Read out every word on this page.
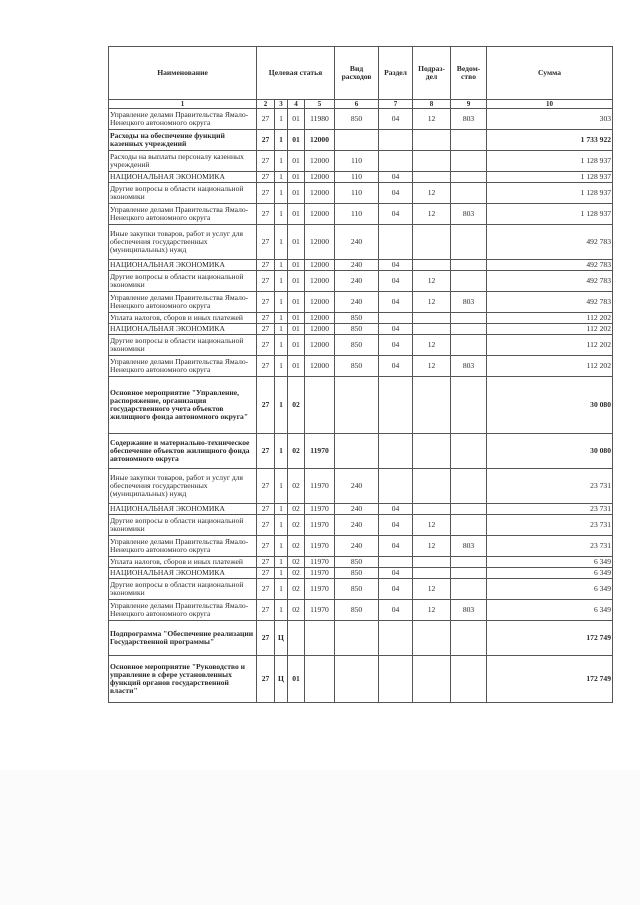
Наименование	Целевая статья				Вид расходов	Раздел	Подраз-дел	Ведом-ство	Сумма
1	2	3	4	5	6	7	8	9	10
Управление делами Правительства Ямало-Ненецкого автономного округа	27	1	01	11980	850	04	12	803	303
Расходы на обеспечение функций казенных учреждений	27	1	01	12000					1 733 922
Расходы на выплаты персоналу казенных учреждений	27	1	01	12000	110				1 128 937
НАЦИОНАЛЬНАЯ ЭКОНОМИКА	27	1	01	12000	110	04			1 128 937
Другие вопросы в области национальной экономики	27	1	01	12000	110	04	12		1 128 937
Управление делами Правительства Ямало-Ненецкого автономного округа	27	1	01	12000	110	04	12	803	1 128 937
Иные закупки товаров, работ и услуг для обеспечения государственных (муниципальных) нужд	27	1	01	12000	240				492 783
НАЦИОНАЛЬНАЯ ЭКОНОМИКА	27	1	01	12000	240	04			492 783
Другие вопросы в области национальной экономики	27	1	01	12000	240	04	12		492 783
Управление делами Правительства Ямало-Ненецкого автономного округа	27	1	01	12000	240	04	12	803	492 783
Уплата налогов, сборов и иных платежей	27	1	01	12000	850				112 202
НАЦИОНАЛЬНАЯ ЭКОНОМИКА	27	1	01	12000	850	04			112 202
Другие вопросы в области национальной экономики	27	1	01	12000	850	04	12		112 202
Управление делами Правительства Ямало-Ненецкого автономного округа	27	1	01	12000	850	04	12	803	112 202
Основное мероприятие "Управление, распоряжение, организация государственного учета объектов жилищного фонда автономного округа"	27	1	02						30 080
Содержание и материально-техническое обеспечение объектов жилищного фонда автономного округа	27	1	02	11970					30 080
Иные закупки товаров, работ и услуг для обеспечения государственных (муниципальных) нужд	27	1	02	11970	240				23 731
НАЦИОНАЛЬНАЯ ЭКОНОМИКА	27	1	02	11970	240	04			23 731
Другие вопросы в области национальной экономики	27	1	02	11970	240	04	12		23 731
Управление делами Правительства Ямало-Ненецкого автономного округа	27	1	02	11970	240	04	12	803	23 731
Уплата налогов, сборов и иных платежей	27	1	02	11970	850				6 349
НАЦИОНАЛЬНАЯ ЭКОНОМИКА	27	1	02	11970	850	04			6 349
Другие вопросы в области национальной экономики	27	1	02	11970	850	04	12		6 349
Управление делами Правительства Ямало-Ненецкого автономного округа	27	1	02	11970	850	04	12	803	6 349
Подпрограмма "Обеспечение реализации Государственной программы"	27	Ц							172 749
Основное мероприятие "Руководство и управление в сфере установленных функций органов государственной власти"	27	Ц	01						172 749
